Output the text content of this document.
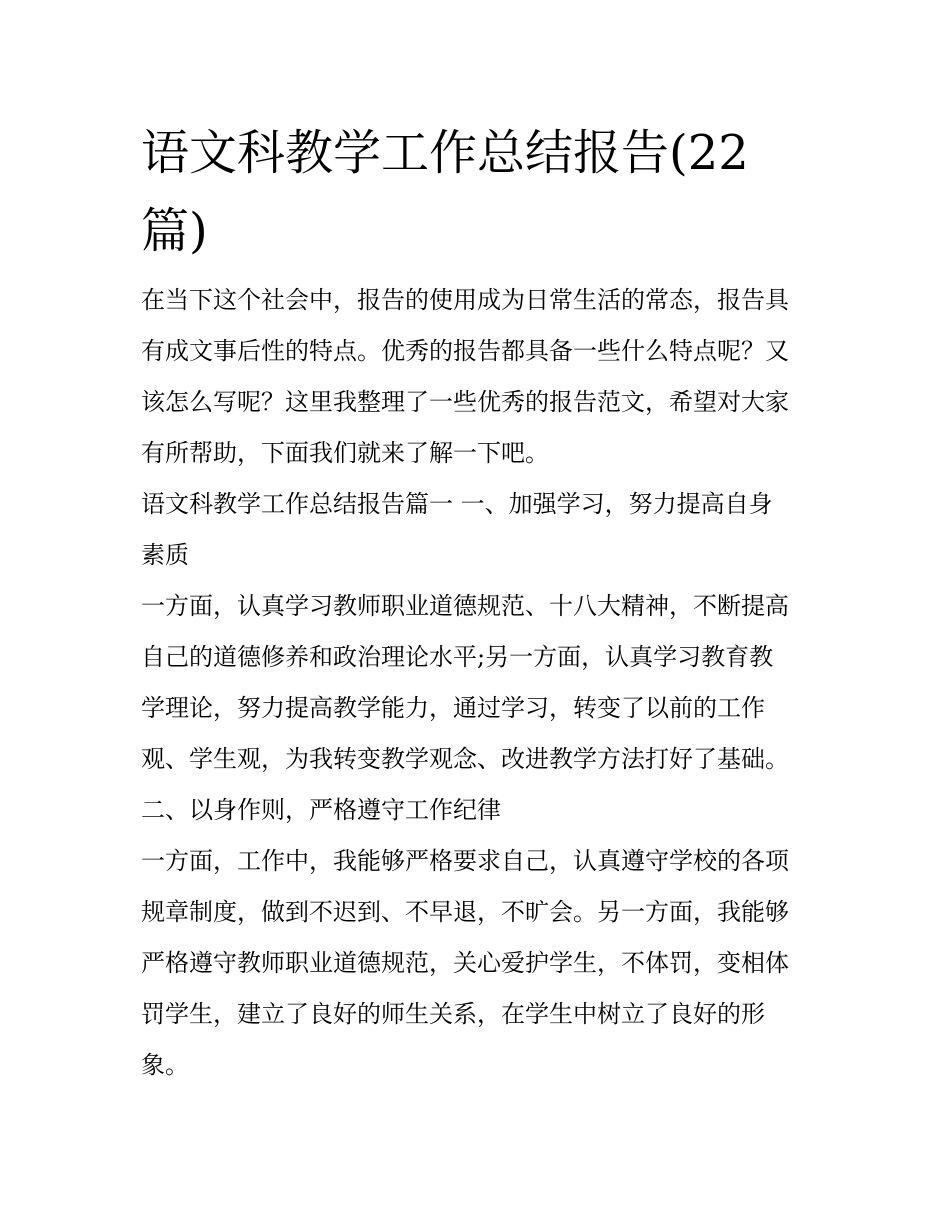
语文科教学工作总结报告(22
篇)

在当下这个社会中，报告的使用成为日常生活的常态，报告具
有成文事后性的特点。优秀的报告都具备一些什么特点呢？又
该怎么写呢？这里我整理了一些优秀的报告范文，希望对大家
有所帮助，下面我们就来了解一下吧。

语文科教学工作总结报告篇一 一、加强学习，努力提高自身
素质

一方面，认真学习教师职业道德规范、十八大精神，不断提高
自己的道德修养和政治理论水平;另一方面，认真学习教育教
学理论，努力提高教学能力，通过学习，转变了以前的工作
观、学生观，为我转变教学观念、改进教学方法打好了基础。

二、以身作则，严格遵守工作纪律

一方面，工作中，我能够严格要求自己，认真遵守学校的各项
规章制度，做到不迟到、不早退，不旷会。另一方面，我能够
严格遵守教师职业道德规范，关心爱护学生，不体罚，变相体
罚学生，建立了良好的师生关系，在学生中树立了良好的形
象。
